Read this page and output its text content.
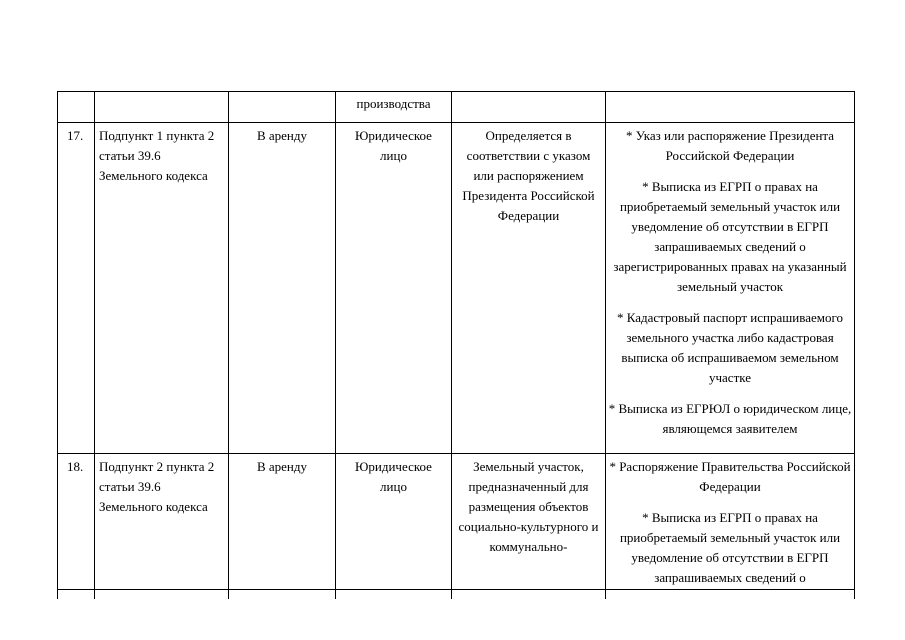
			производства		
17.	Подпункт 1 пункта 2 статьи 39.6 Земельного кодекса	В аренду	Юридическое лицо	Определяется в соответствии с указом или распоряжением Президента Российской Федерации	* Указ или распоряжение Президента Российской Федерации

* Выписка из ЕГРП о правах на приобретаемый земельный участок или уведомление об отсутствии в ЕГРП запрашиваемых сведений о зарегистрированных правах на указанный земельный участок

* Кадастровый паспорт испрашиваемого земельного участка либо кадастровая выписка об испрашиваемом земельном участке

* Выписка из ЕГРЮЛ о юридическом лице, являющемся заявителем

18.	Подпункт 2 пункта 2 статьи 39.6 Земельного кодекса	В аренду	Юридическое лицо	Земельный участок, предназначенный для размещения объектов социально-культурного и коммунально-	* Распоряжение Правительства Российской Федерации

* Выписка из ЕГРП о правах на приобретаемый земельный участок или уведомление об отсутствии в ЕГРП запрашиваемых сведений о
